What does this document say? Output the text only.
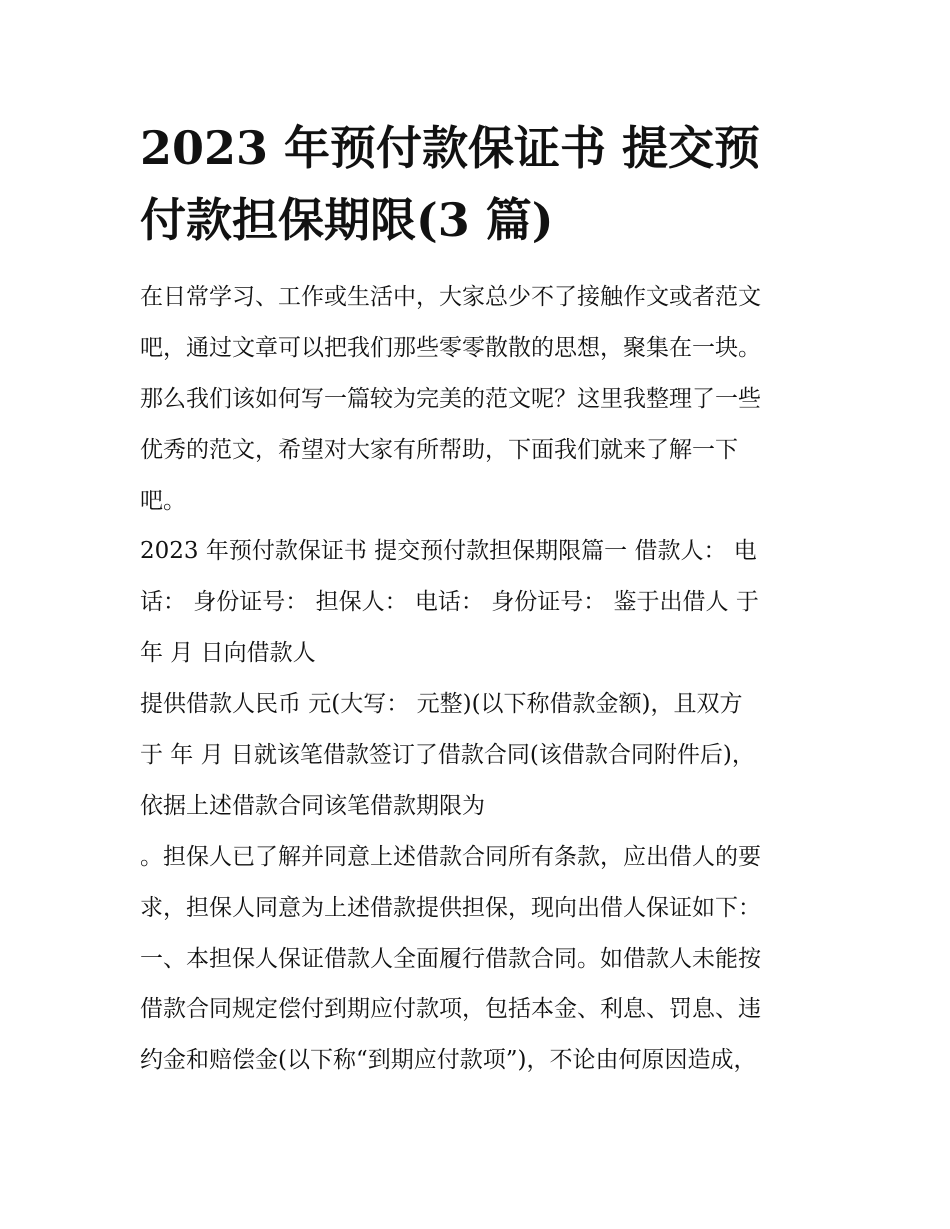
2023 年预付款保证书 提交预
付款担保期限(3 篇)
在日常学习、工作或生活中，大家总少不了接触作文或者范文
吧，通过文章可以把我们那些零零散散的思想，聚集在一块。
那么我们该如何写一篇较为完美的范文呢？这里我整理了一些
优秀的范文，希望对大家有所帮助，下面我们就来了解一下
吧。
2023 年预付款保证书 提交预付款担保期限篇一 借款人： 电
话： 身份证号： 担保人： 电话： 身份证号： 鉴于出借人 于
年 月 日向借款人
提供借款人民币 元(大写： 元整)(以下称借款金额)，且双方
于 年 月 日就该笔借款签订了借款合同(该借款合同附件后)，
依据上述借款合同该笔借款期限为
。担保人已了解并同意上述借款合同所有条款，应出借人的要
求，担保人同意为上述借款提供担保，现向出借人保证如下：
一、本担保人保证借款人全面履行借款合同。如借款人未能按
借款合同规定偿付到期应付款项，包括本金、利息、罚息、违
约金和赔偿金(以下称“到期应付款项”)，不论由何原因造成，
